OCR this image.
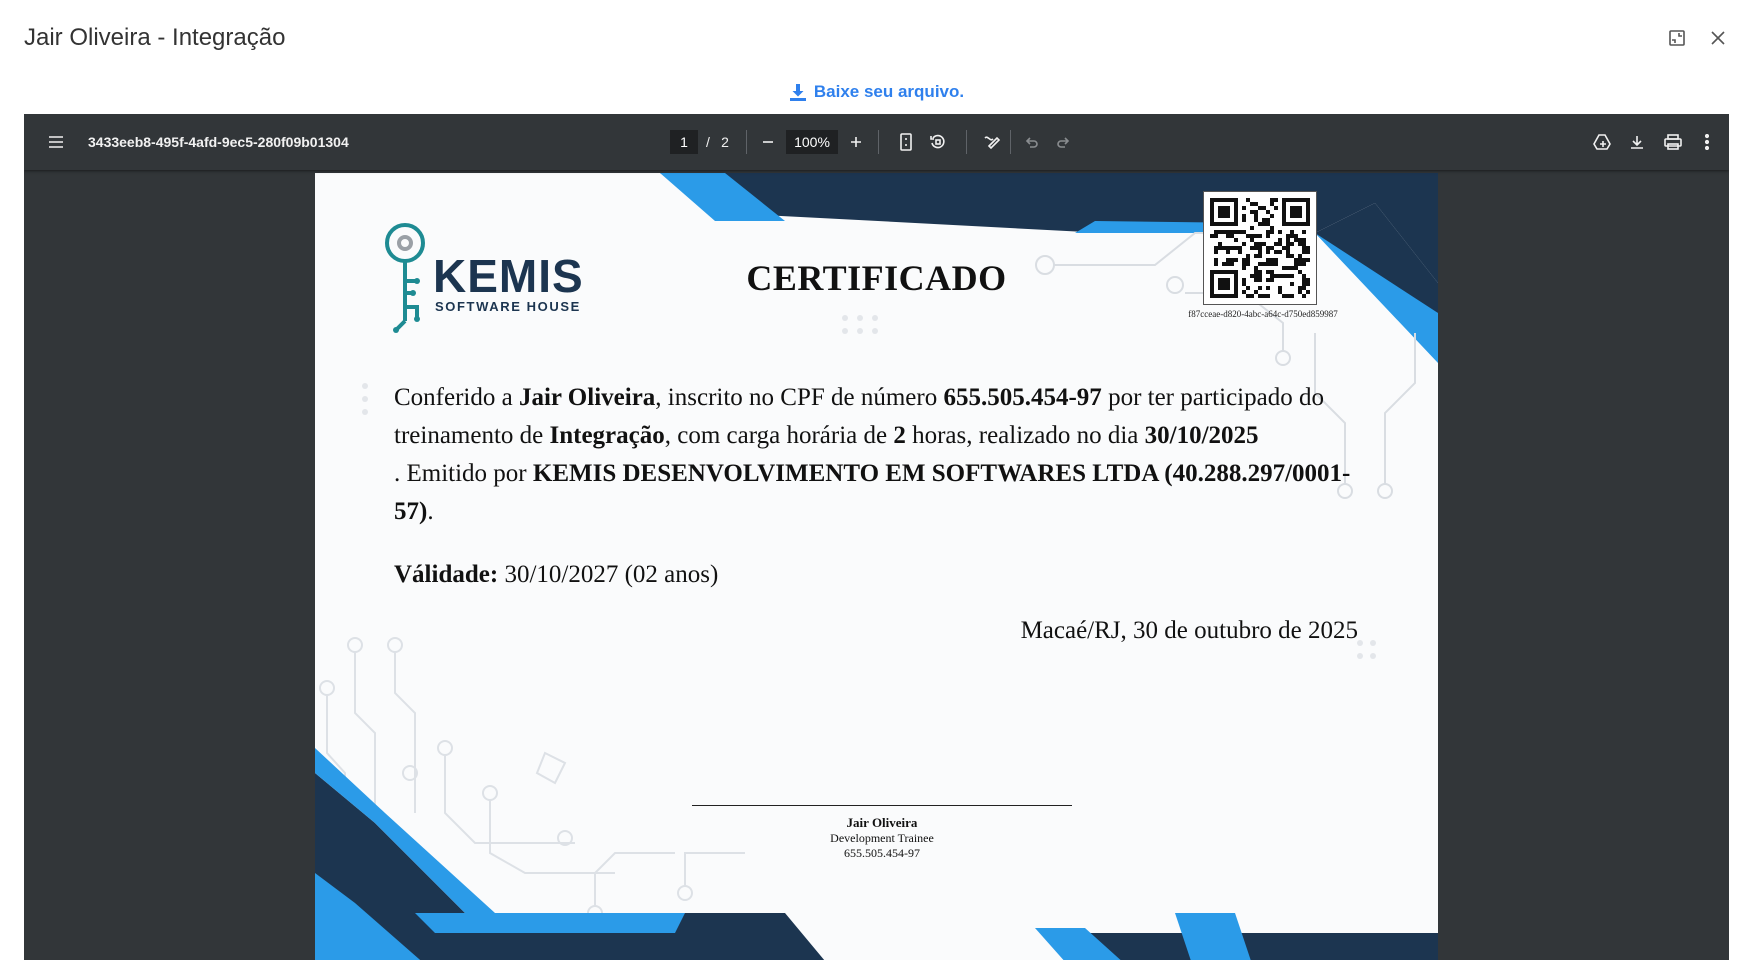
Jair Oliveira - Integração
Baixe seu arquivo.
3433eeb8-495f-4afd-9ec5-280f09b01304	1	/ 2	100%
KEMIS
SOFTWARE HOUSE
CERTIFICADO
f87cceae-d820-4abc-a64c-d750ed859987
Conferido a Jair Oliveira, inscrito no CPF de número 655.505.454-97 por ter participado do treinamento de Integração, com carga horária de 2 horas, realizado no dia 30/10/2025
. Emitido por KEMIS DESENVOLVIMENTO EM SOFTWARES LTDA (40.288.297/0001-57).
Válidade: 30/10/2027 (02 anos)
Macaé/RJ, 30 de outubro de 2025
Jair Oliveira
Development Trainee
655.505.454-97
